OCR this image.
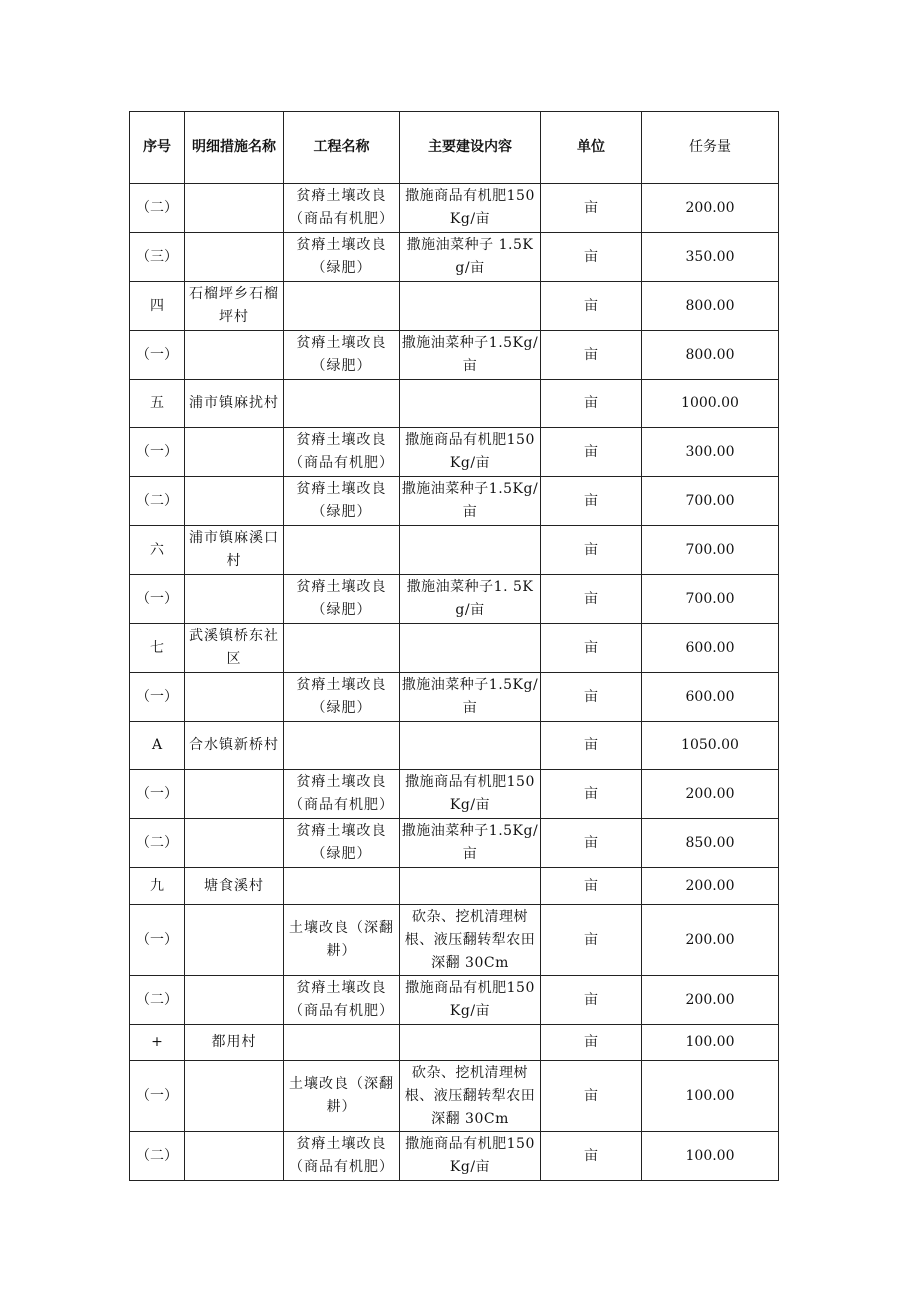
序号	明细措施名称	工程名称	主要建设内容	单位	任务量
（二）		贫瘠土壤改良（商品有机肥）	撒施商品有机肥150Kg/亩	亩	200.00
（三）		贫瘠土壤改良（绿肥）	撒施油菜种子 1.5Kg/亩	亩	350.00
四	石榴坪乡石榴坪村			亩	800.00
（一）		贫瘠土壤改良（绿肥）	撒施油菜种子1.5Kg/亩	亩	800.00
五	浦市镇麻扰村			亩	1000.00
（一）		贫瘠土壤改良（商品有机肥）	撒施商品有机肥150Kg/亩	亩	300.00
（二）		贫瘠土壤改良（绿肥）	撒施油菜种子1.5Kg/亩	亩	700.00
六	浦市镇麻溪口村			亩	700.00
（一）		贫瘠土壤改良（绿肥）	撒施油菜种子1. 5Kg/亩	亩	700.00
七	武溪镇桥东社区			亩	600.00
（一）		贫瘠土壤改良（绿肥）	撒施油菜种子1.5Kg/亩	亩	600.00
A	合水镇新桥村			亩	1050.00
（一）		贫瘠土壤改良（商品有机肥）	撒施商品有机肥150Kg/亩	亩	200.00
（二）		贫瘠土壤改良（绿肥）	撒施油菜种子1.5Kg/亩	亩	850.00
九	塘食溪村			亩	200.00
（一）		土壤改良（深翻耕）	砍杂、挖机清理树根、液压翻转犁农田深翻 30Cm	亩	200.00
（二）		贫瘠土壤改良（商品有机肥）	撒施商品有机肥150Kg/亩	亩	200.00
+	都用村			亩	100.00
（一）		土壤改良（深翻耕）	砍杂、挖机清理树根、液压翻转犁农田深翻 30Cm	亩	100.00
（二）		贫瘠土壤改良（商品有机肥）	撒施商品有机肥150Kg/亩	亩	100.00
